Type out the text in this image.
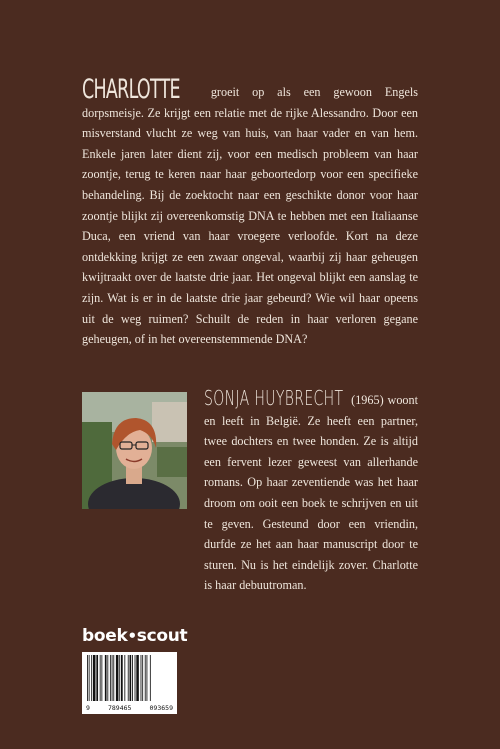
CHARLOTTE	groeit op als een gewoon Engels dorpsmeisje. Ze krijgt een relatie met de rijke Alessandro. Door een misverstand vlucht ze weg van huis, van haar vader en van hem. Enkele jaren later dient zij, voor een medisch probleem van haar zoontje, terug te keren naar haar geboortedorp voor een specifieke behandeling. Bij de zoektocht naar een geschikte donor voor haar zoontje blijkt zij overeenkomstig DNA te hebben met een Italiaanse Duca, een vriend van haar vroegere verloofde. Kort na deze ontdekking krijgt ze een zwaar ongeval, waarbij zij haar geheugen kwijtraakt over de laatste drie jaar. Het ongeval blijkt een aanslag te zijn. Wat is er in de laatste drie jaar gebeurd? Wie wil haar opeens uit de weg ruimen? Schuilt de reden in haar verloren gegane geheugen, of in het overeenstemmende DNA?
SONJA HUYBRECHT (1965) woont en leeft in België. Ze heeft een partner, twee dochters en twee honden. Ze is altijd een fervent lezer geweest van allerhande romans. Op haar zeventiende was het haar droom om ooit een boek te schrijven en uit te geven. Gesteund door een vriendin, durfde ze het aan haar manuscript door te sturen. Nu is het eindelijk zover. Charlotte is haar debuutroman.
boek•scout
9	789465	093659
